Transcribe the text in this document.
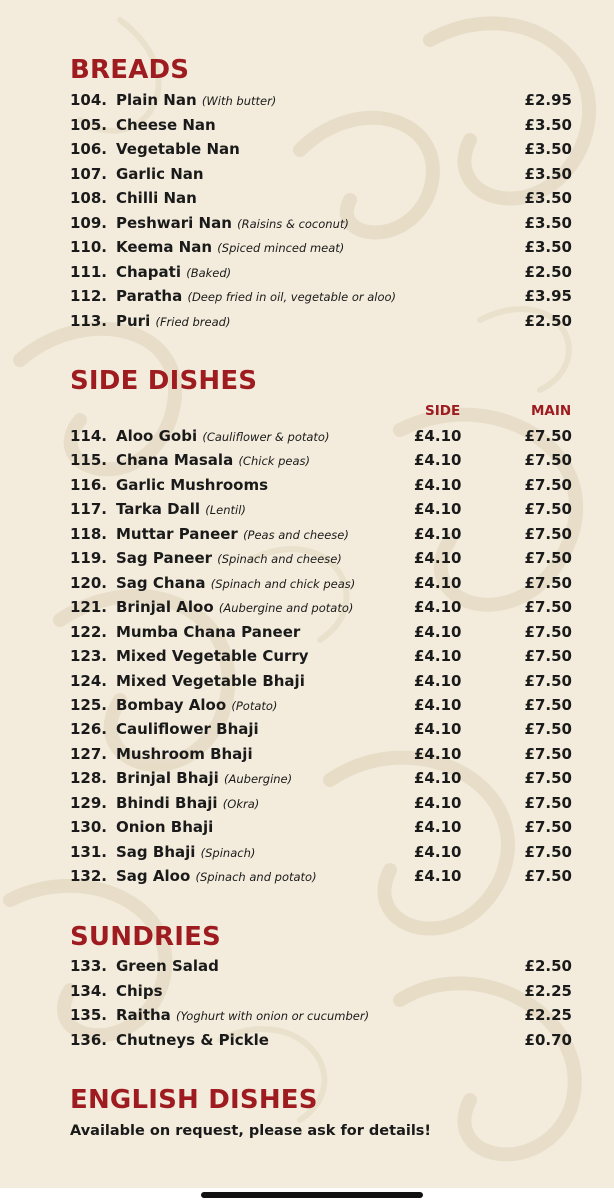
BREADS
104. Plain Nan (With butter)	£2.95
105. Cheese Nan	£3.50
106. Vegetable Nan	£3.50
107. Garlic Nan	£3.50
108. Chilli Nan	£3.50
109. Peshwari Nan (Raisins & coconut)	£3.50
110. Keema Nan (Spiced minced meat)	£3.50
111. Chapati (Baked)	£2.50
112. Paratha (Deep fried in oil, vegetable or aloo)	£3.95
113. Puri (Fried bread)	£2.50
SIDE DISHES
SIDE	MAIN
114. Aloo Gobi (Cauliflower & potato)	£4.10	£7.50
115. Chana Masala (Chick peas)	£4.10	£7.50
116. Garlic Mushrooms	£4.10	£7.50
117. Tarka Dall (Lentil)	£4.10	£7.50
118. Muttar Paneer (Peas and cheese)	£4.10	£7.50
119. Sag Paneer (Spinach and cheese)	£4.10	£7.50
120. Sag Chana (Spinach and chick peas)	£4.10	£7.50
121. Brinjal Aloo (Aubergine and potato)	£4.10	£7.50
122. Mumba Chana Paneer	£4.10	£7.50
123. Mixed Vegetable Curry	£4.10	£7.50
124. Mixed Vegetable Bhaji	£4.10	£7.50
125. Bombay Aloo (Potato)	£4.10	£7.50
126. Cauliflower Bhaji	£4.10	£7.50
127. Mushroom Bhaji	£4.10	£7.50
128. Brinjal Bhaji (Aubergine)	£4.10	£7.50
129. Bhindi Bhaji (Okra)	£4.10	£7.50
130. Onion Bhaji	£4.10	£7.50
131. Sag Bhaji (Spinach)	£4.10	£7.50
132. Sag Aloo (Spinach and potato)	£4.10	£7.50
SUNDRIES
133. Green Salad	£2.50
134. Chips	£2.25
135. Raitha (Yoghurt with onion or cucumber)	£2.25
136. Chutneys & Pickle	£0.70
ENGLISH DISHES
Available on request, please ask for details!
